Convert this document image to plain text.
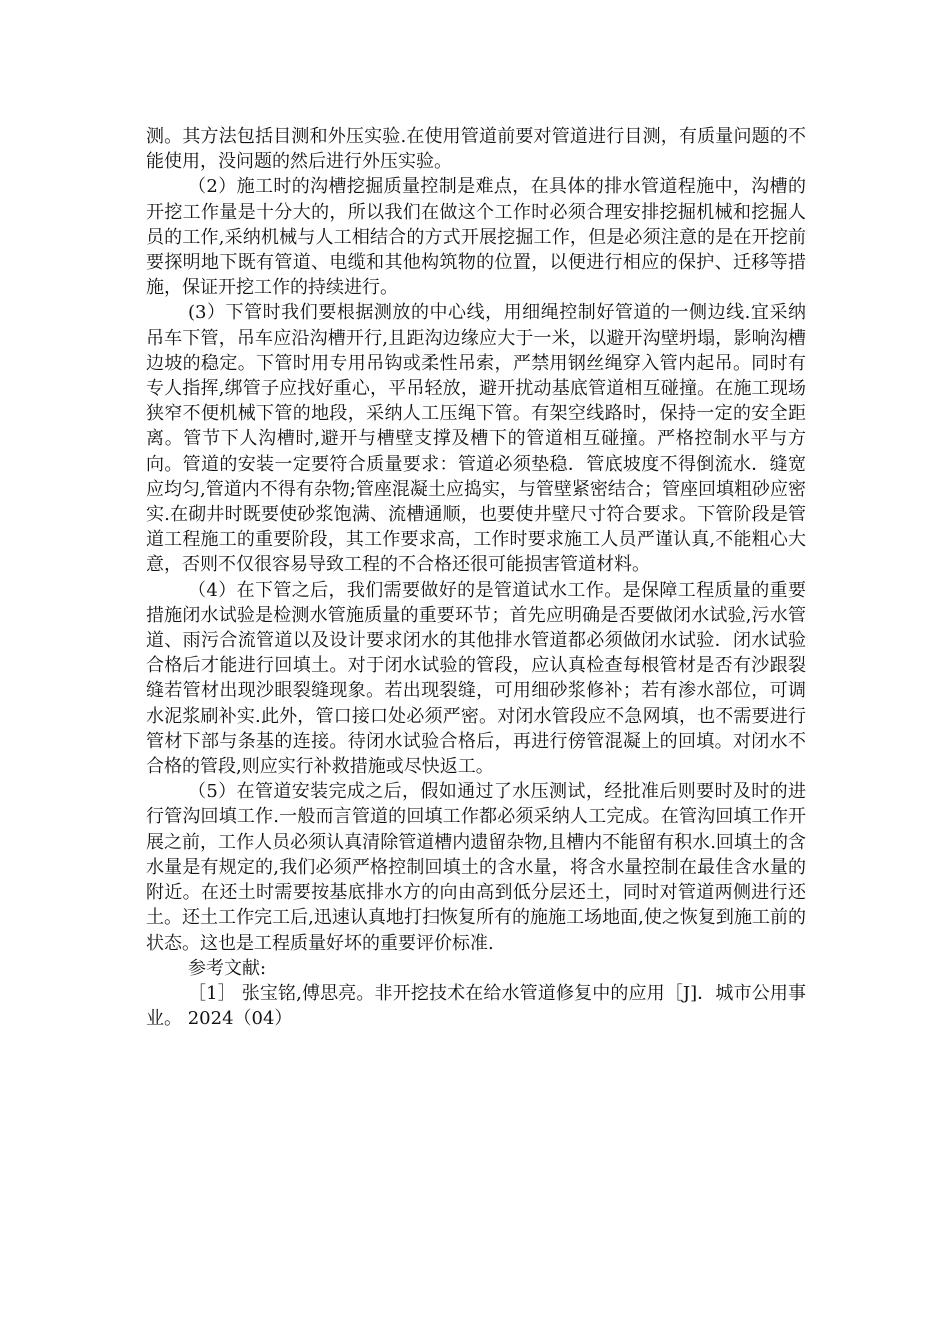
测。其方法包括目测和外压实验.在使用管道前要对管道进行目测，有质量问题的不能使用，没问题的然后进行外压实验。

（2）施工时的沟槽挖掘质量控制是难点，在具体的排水管道程施中，沟槽的开挖工作量是十分大的，所以我们在做这个工作时必须合理安排挖掘机械和挖掘人员的工作,采纳机械与人工相结合的方式开展挖掘工作，但是必须注意的是在开挖前要探明地下既有管道、电缆和其他构筑物的位置，以便进行相应的保护、迁移等措施，保证开挖工作的持续进行。

(3）下管时我们要根据测放的中心线，用细绳控制好管道的一侧边线.宜采纳吊车下管，吊车应沿沟槽开行,且距沟边缘应大于一米，以避开沟壁坍塌，影响沟槽边坡的稳定。下管时用专用吊钩或柔性吊索，严禁用钢丝绳穿入管内起吊。同时有专人指挥,绑管子应找好重心，平吊轻放，避开扰动基底管道相互碰撞。在施工现场狭窄不便机械下管的地段，采纳人工压绳下管。有架空线路时，保持一定的安全距离。管节下人沟槽时,避开与槽壁支撑及槽下的管道相互碰撞。严格控制水平与方向。管道的安装一定要符合质量要求：管道必须垫稳．管底坡度不得倒流水．缝宽应均匀,管道内不得有杂物;管座混凝土应捣实，与管壁紧密结合；管座回填粗砂应密实.在砌井时既要使砂浆饱满、流槽通顺，也要使井壁尺寸符合要求。下管阶段是管道工程施工的重要阶段，其工作要求高，工作时要求施工人员严谨认真,不能粗心大意，否则不仅很容易导致工程的不合格还很可能损害管道材料。

（4）在下管之后，我们需要做好的是管道试水工作。是保障工程质量的重要措施闭水试验是检测水管施质量的重要环节；首先应明确是否要做闭水试验,污水管道、雨污合流管道以及设计要求闭水的其他排水管道都必须做闭水试验．闭水试验合格后才能进行回填土。对于闭水试验的管段，应认真检查每根管材是否有沙跟裂缝若管材出现沙眼裂缝现象。若出现裂缝，可用细砂浆修补；若有渗水部位，可调水泥浆刷补实.此外，管口接口处必须严密。对闭水管段应不急网填，也不需要进行管材下部与条基的连接。待闭水试验合格后，再进行傍管混凝上的回填。对闭水不合格的管段,则应实行补救措施或尽快返工。

（5）在管道安装完成之后，假如通过了水压测试，经批准后则要时及时的进行管沟回填工作.一般而言管道的回填工作都必须采纳人工完成。在管沟回填工作开展之前，工作人员必须认真清除管道槽内遗留杂物,且槽内不能留有积水.回填土的含水量是有规定的,我们必须严格控制回填土的含水量，将含水量控制在最佳含水量的附近。在还土时需要按基底排水方的向由高到低分层还土，同时对管道两侧进行还土。还土工作完工后,迅速认真地打扫恢复所有的施施工场地面,使之恢复到施工前的状态。这也是工程质量好坏的重要评价标准.

参考文献:

［1］ 张宝铭,傅思亮。非开挖技术在给水管道修复中的应用［J]．城市公用事业。 2024（04）
